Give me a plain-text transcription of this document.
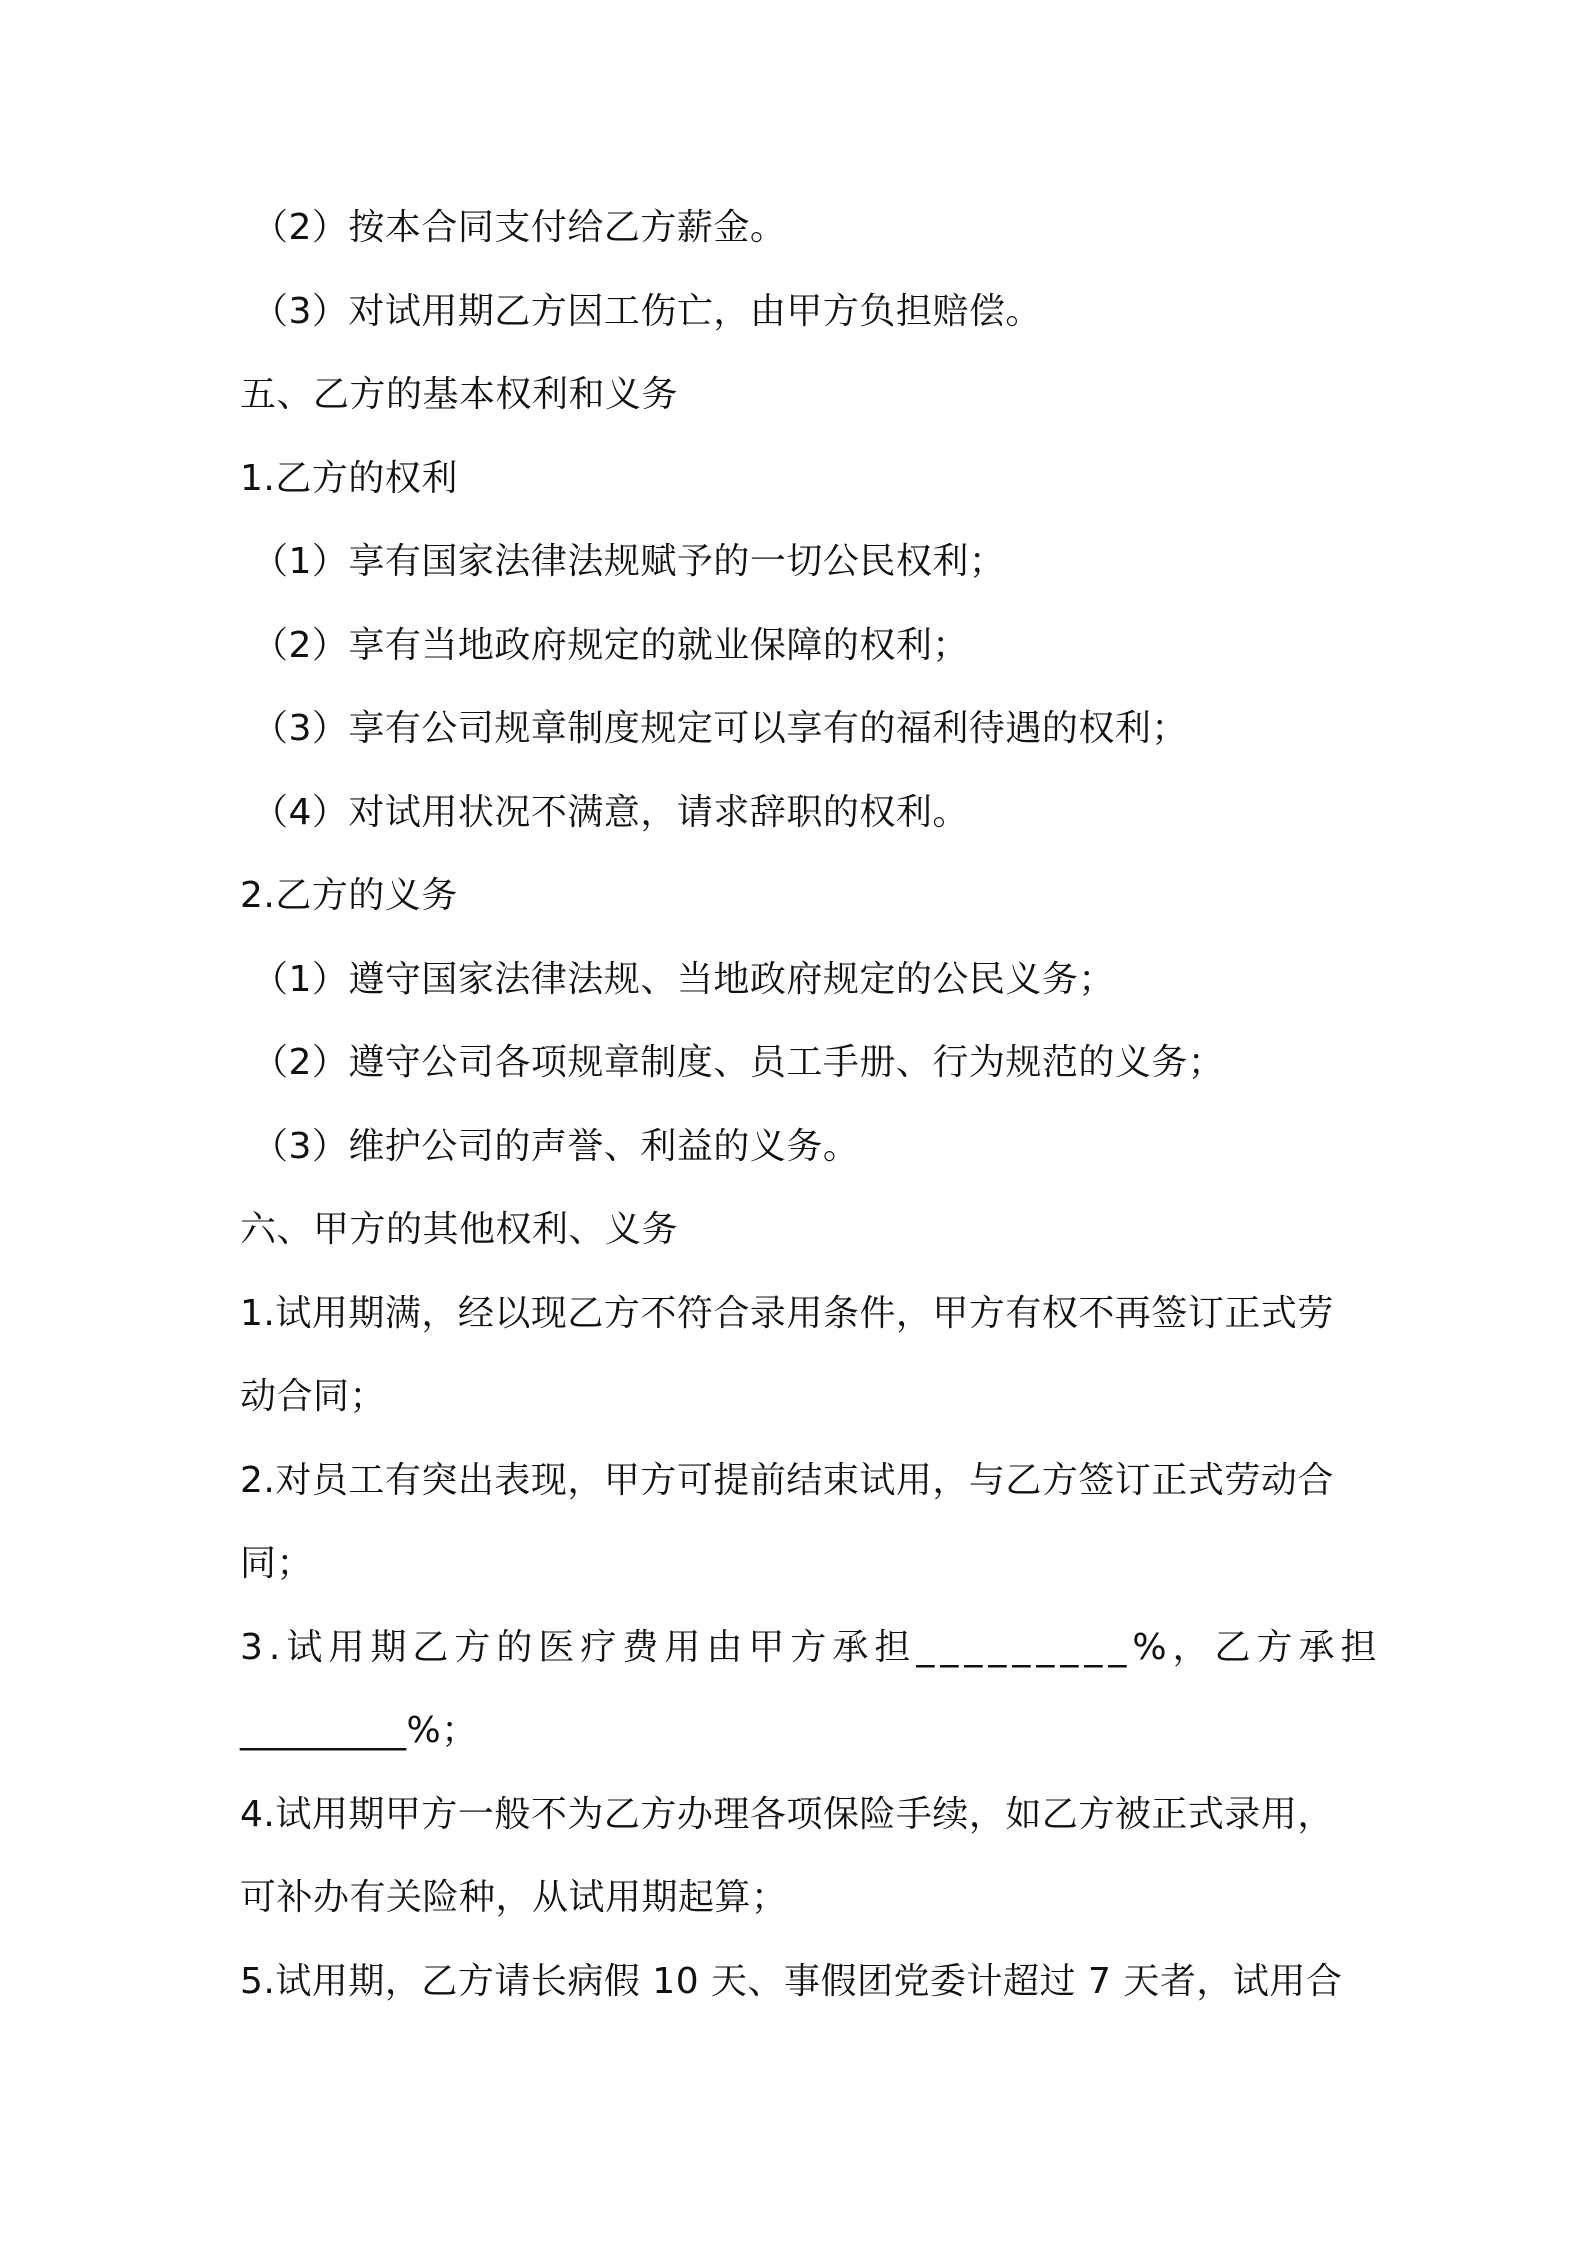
（2）按本合同支付给乙方薪金。
（3）对试用期乙方因工伤亡，由甲方负担赔偿。
五、乙方的基本权利和义务
1.乙方的权利
（1）享有国家法律法规赋予的一切公民权利；
（2）享有当地政府规定的就业保障的权利；
（3）享有公司规章制度规定可以享有的福利待遇的权利；
（4）对试用状况不满意，请求辞职的权利。
2.乙方的义务
（1）遵守国家法律法规、当地政府规定的公民义务；
（2）遵守公司各项规章制度、员工手册、行为规范的义务；
（3）维护公司的声誉、利益的义务。
六、甲方的其他权利、义务
1.试用期满，经以现乙方不符合录用条件，甲方有权不再签订正式劳
动合同；
2.对员工有突出表现，甲方可提前结束试用，与乙方签订正式劳动合
同；
3.试用期乙方的医疗费用由甲方承担_________%，乙方承担
_________%；
4.试用期甲方一般不为乙方办理各项保险手续，如乙方被正式录用，
可补办有关险种，从试用期起算；
5.试用期，乙方请长病假 10 天、事假团党委计超过 7 天者，试用合
